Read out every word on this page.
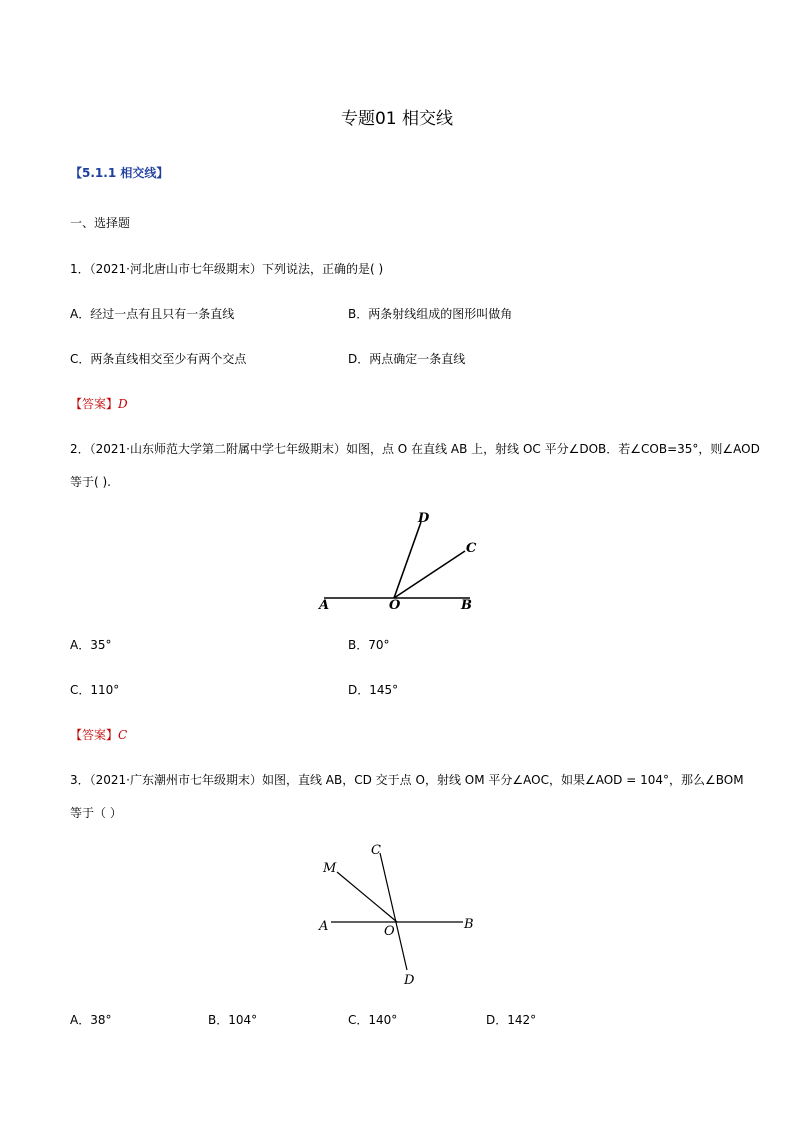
专题01 相交线
【5.1.1 相交线】
一、选择题
1．（2021·河北唐山市七年级期末）下列说法，正确的是( )
A．经过一点有且只有一条直线	B．两条射线组成的图形叫做角
C．两条直线相交至少有两个交点	D．两点确定一条直线
【答案】D
2．（2021·山东师范大学第二附属中学七年级期末）如图，点 O 在直线 AB 上，射线 OC 平分∠DOB．若∠COB=35°，则∠AOD
等于( ).
D
C
A	O	B
A．35°	B．70°
C．110°	D．145°
【答案】C
3．（2021·广东潮州市七年级期末）如图，直线 AB，CD 交于点 O，射线 OM 平分∠AOC，如果∠AOD = 104°，那么∠BOM
等于（ ）
M
C
A	O	B
D
A．38°	B．104°	C．140°	D．142°
